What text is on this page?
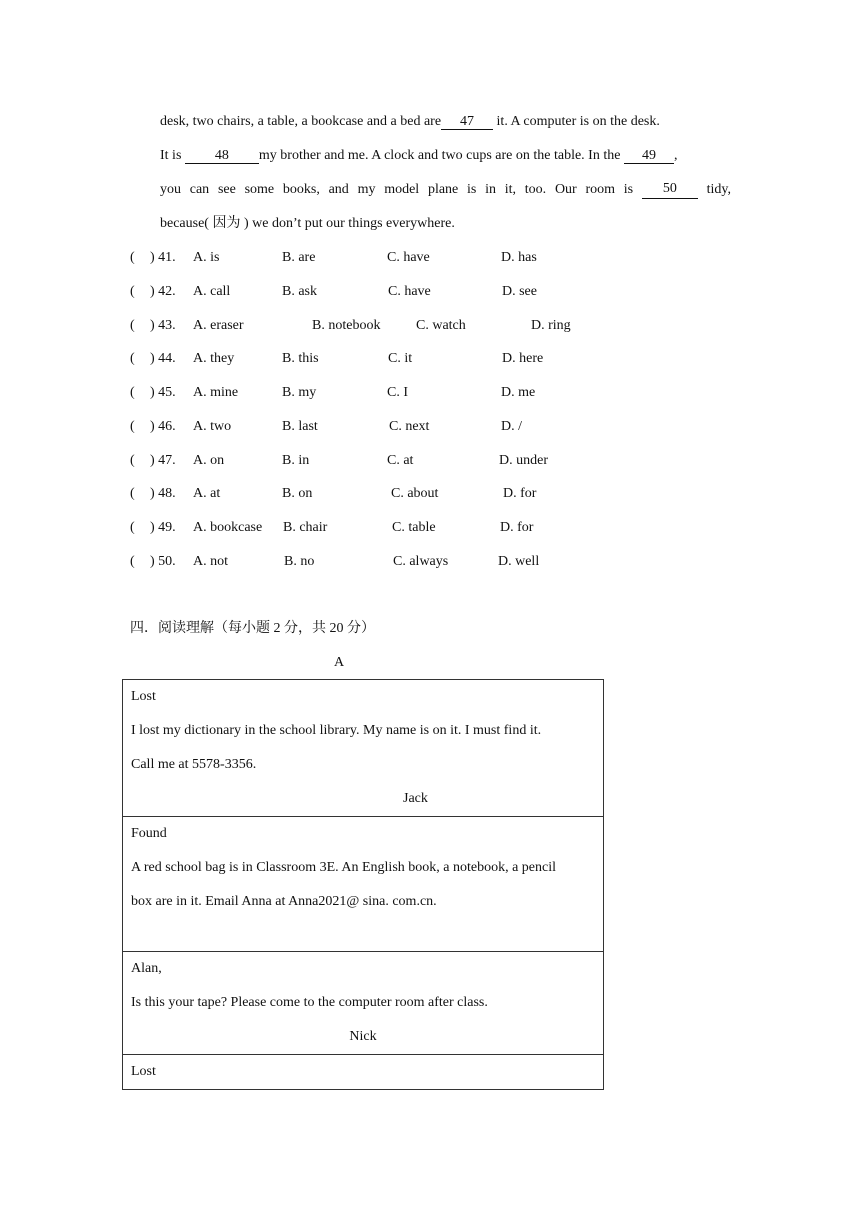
desk, two chairs, a table, a bookcase and a bed are 47 it. A computer is on the desk.
It is 48 my brother and me. A clock and two cups are on the table. In the 49 ,
you can see some books, and my model plane is in it, too. Our room is	50	tidy,
because( 因为 ) we don’t put our things everywhere.
( ) 41. A. is	B. are	C. have	D. has
( ) 42. A. call	B. ask	C. have	D. see
( ) 43. A. eraser	B. notebook	C. watch	D. ring
( ) 44. A. they	B. this	C. it	D. here
( ) 45. A. mine	B. my	C. I	D. me
( ) 46. A. two	B. last	C. next	D. /
( ) 47. A. on	B. in	C. at	D. under
( ) 48. A. at	B. on	C. about	D. for
( ) 49. A. bookcase B. chair	C. table	D. for
( ) 50. A. not	B. no	C. always	D. well
四．阅读理解（每小题 2 分，共 20 分）
A
Lost
I lost my dictionary in the school library. My name is on it. I must find it.
Call me at 5578-3356.
Jack

Found
A red school bag is in Classroom 3E. An English book, a notebook, a pencil
box are in it. Email Anna at Anna2021@ sina. com.cn.

Alan,
Is this your tape? Please come to the computer room after class.
Nick

Lost
